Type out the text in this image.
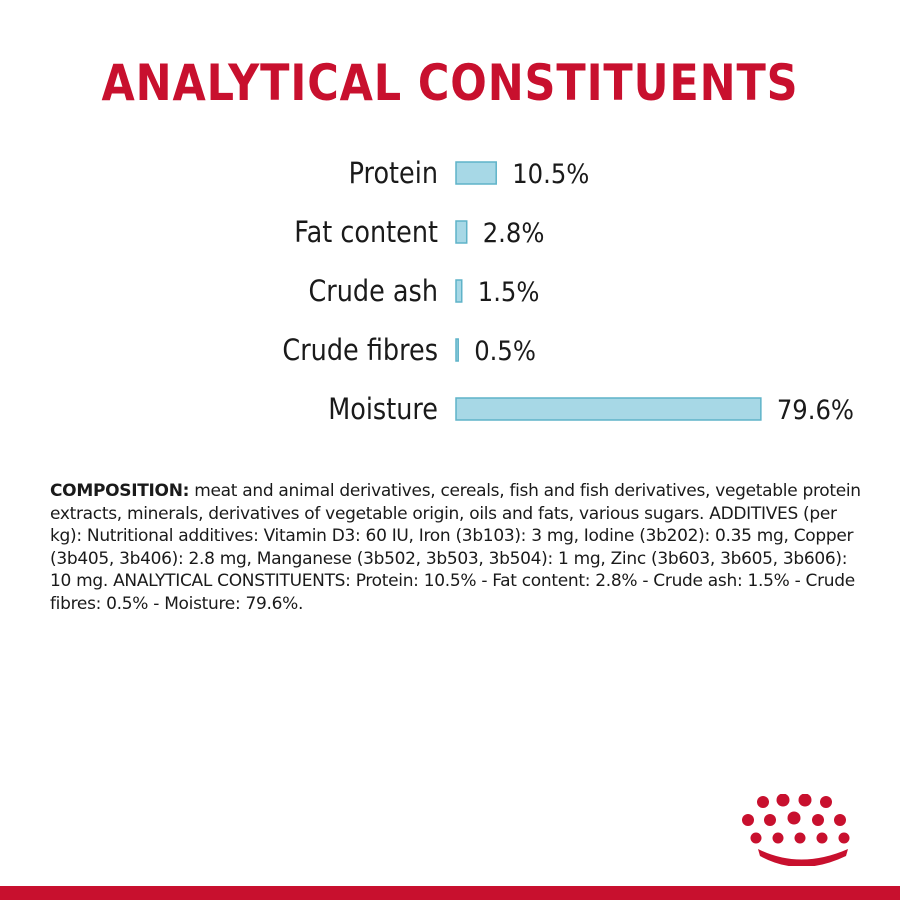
ANALYTICAL CONSTITUENTS
Protein	10.5%
Fat content 2.8%
Crude ash 1.5%
Crude fibres 0.5%
Moisture	79.6%
COMPOSITION: meat and animal derivatives, cereals, fish and fish derivatives, vegetable protein extracts, minerals, derivatives of vegetable origin, oils and fats, various sugars. ADDITIVES (per kg): Nutritional additives: Vitamin D3: 60 IU, Iron (3b103): 3 mg, Iodine (3b202): 0.35 mg, Copper (3b405, 3b406): 2.8 mg, Manganese (3b502, 3b503, 3b504): 1 mg, Zinc (3b603, 3b605, 3b606): 10 mg. ANALYTICAL CONSTITUENTS: Protein: 10.5% - Fat content: 2.8% - Crude ash: 1.5% - Crude fibres: 0.5% - Moisture: 79.6%.
